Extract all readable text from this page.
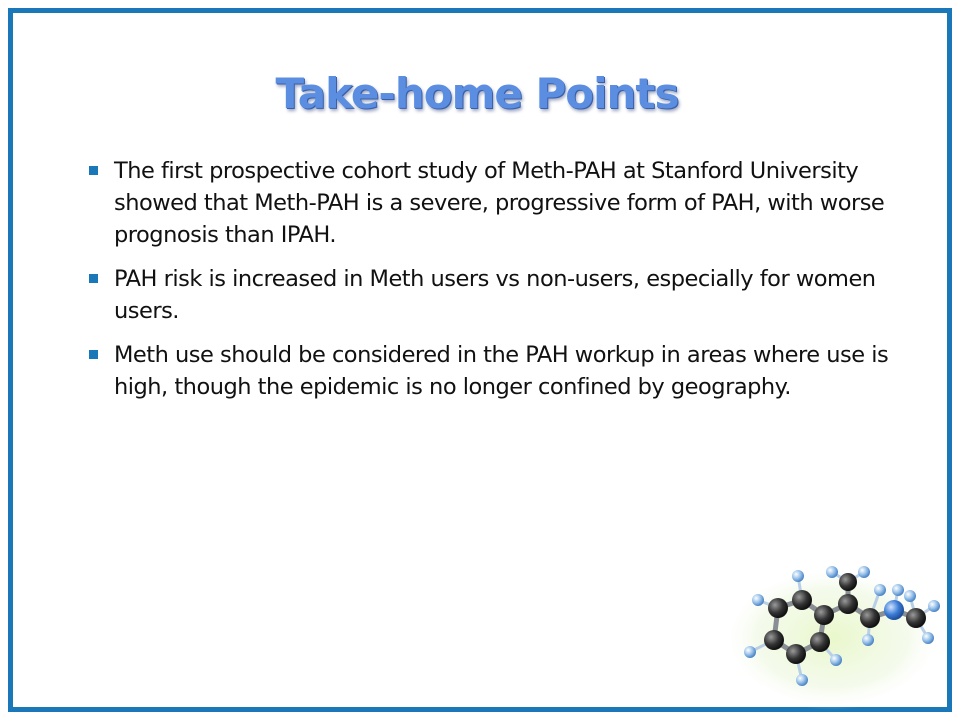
Take-home Points
The first prospective cohort study of Meth-PAH at Stanford University showed that Meth-PAH is a severe, progressive form of PAH, with worse prognosis than IPAH.
PAH risk is increased in Meth users vs non-users, especially for women users.
Meth use should be considered in the PAH workup in areas where use is high, though the epidemic is no longer confined by geography.
